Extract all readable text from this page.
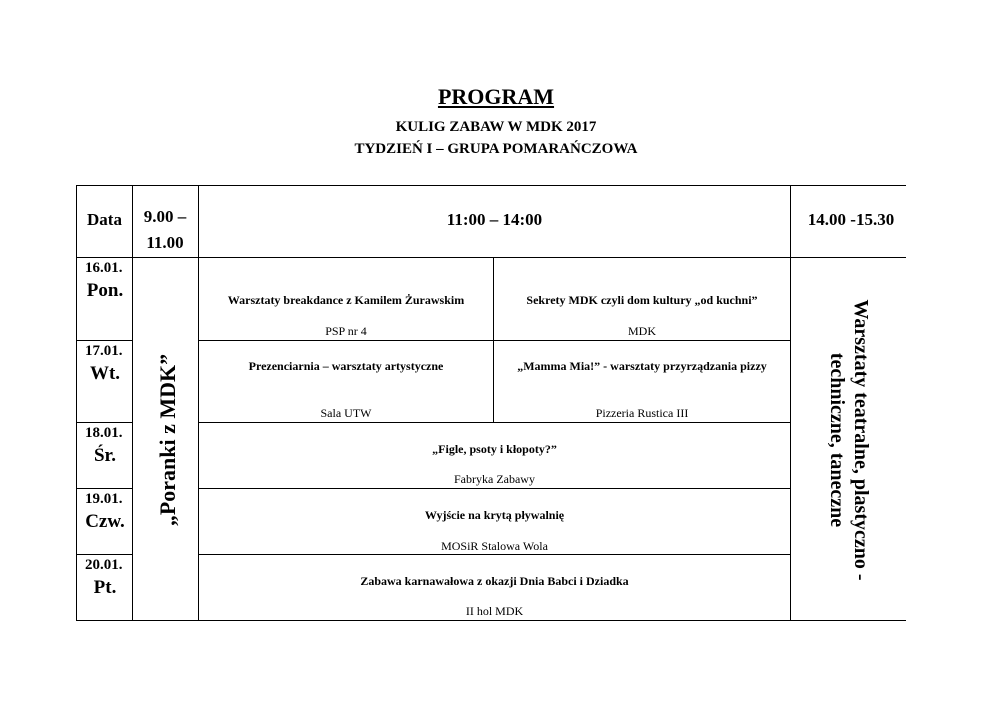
PROGRAM
KULIG ZABAW W MDK 2017
TYDZIEŃ I – GRUPA POMARAŃCZOWA
Data	9.00 – 11.00
11:00 – 14:00	14.00 -15.30
16.01.
Pon.
17.01.
Wt.
18.01.
Śr.
19.01.
Czw.
20.01.
Pt.
„Poranki z MDK”
Warsztaty breakdance z Kamilem Żurawskim
PSP nr 4
Sekrety MDK czyli dom kultury „od kuchni”
MDK
Prezenciarnia – warsztaty artystyczne
Sala UTW
„Mamma Mia!” - warsztaty przyrządzania pizzy
Pizzeria Rustica III
„Figle, psoty i kłopoty?”
Fabryka Zabawy
Wyjście na krytą pływalnię
MOSiR Stalowa Wola
Zabawa karnawałowa z okazji Dnia Babci i Dziadka
II hol MDK
Warsztaty teatralne, plastyczno - techniczne, taneczne
